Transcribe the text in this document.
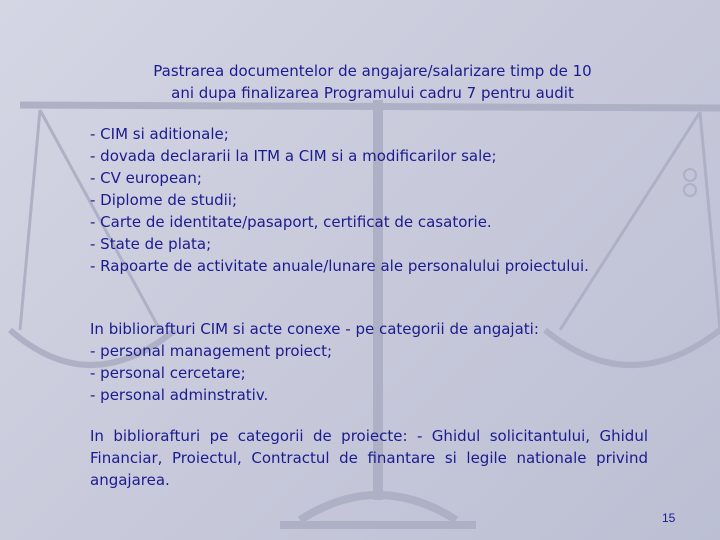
Pastrarea documentelor de angajare/salarizare timp de 10
ani dupa finalizarea Programului cadru 7 pentru audit

- CIM si aditionale;

- dovada declararii la ITM a CIM si a modificarilor sale;

- CV european;

- Diplome de studii;

- Carte de identitate/pasaport, certificat de casatorie.

- State de plata;

- Rapoarte de activitate anuale/lunare ale personalului proiectului.

In bibliorafturi CIM si acte conexe - pe categorii de angajati:

- personal management proiect;

- personal cercetare;

- personal adminstrativ.

In bibliorafturi pe categorii de proiecte: - Ghidul solicitantului, Ghidul Financiar, Proiectul, Contractul de finantare si legile nationale privind angajarea.

15
